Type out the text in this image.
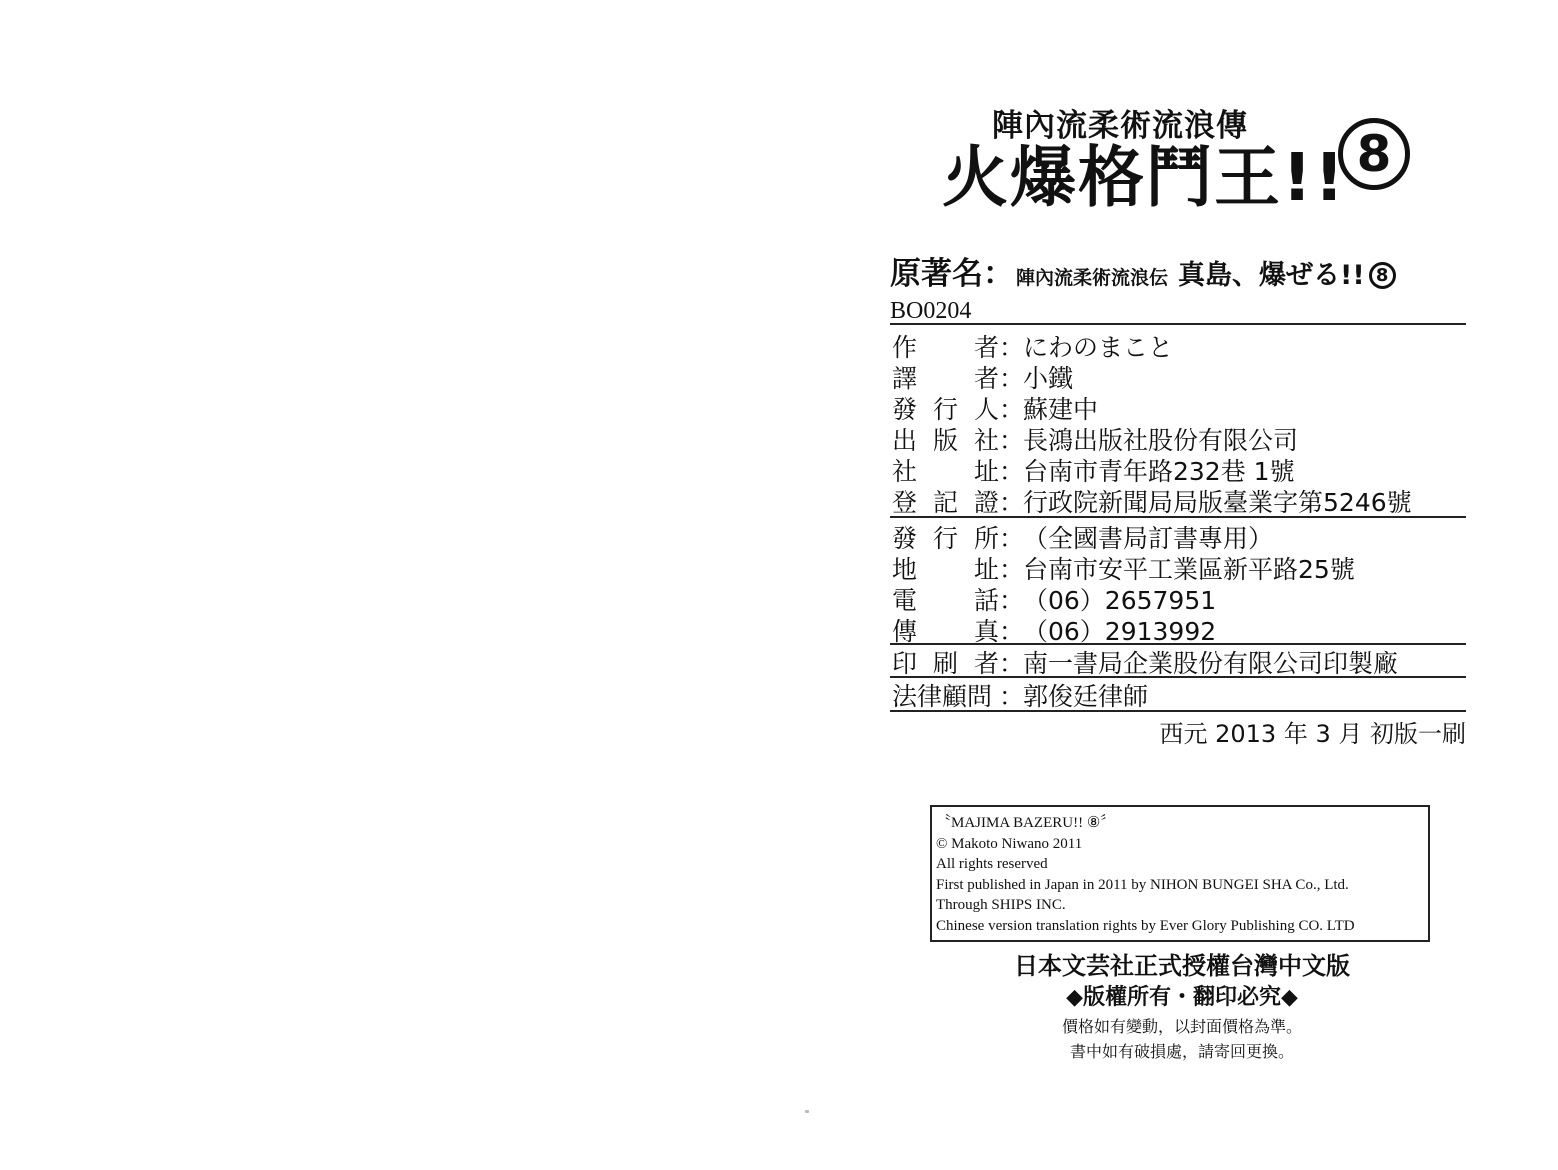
陣內流柔術流浪傳
火爆格鬥王!! 8
原著名： 陣內流柔術流浪伝 真島、爆ぜる!! 8
BO0204
作 者 ：
にわのまこと
譯 者 ：
小鐵
發 行 人 ：
蘇建中
出 版 社 ：
長鴻出版社股份有限公司
社 址 ：
台南市青年路232巷 1號
登 記 證 ：
行政院新聞局局版臺業字第5246號
發 行 所 ：
（全國書局訂書專用）
地 址 ：
台南市安平工業區新平路25號
電 話 ：
（06）2657951
傳 真 ：
（06）2913992
印 刷 者 ：
南一書局企業股份有限公司印製廠
法律顧問 ：
郭俊廷律師
西元 2013 年 3 月 初版一刷
〝MAJIMA BAZERU!! ⑧〞
© Makoto Niwano 2011
All rights reserved
First published in Japan in 2011 by NIHON BUNGEI SHA Co., Ltd.
Through SHIPS INC.
Chinese version translation rights by Ever Glory Publishing CO. LTD
日本文芸社正式授權台灣中文版
◆版權所有・翻印必究◆
價格如有變動，以封面價格為準。
書中如有破損處，請寄回更換。
